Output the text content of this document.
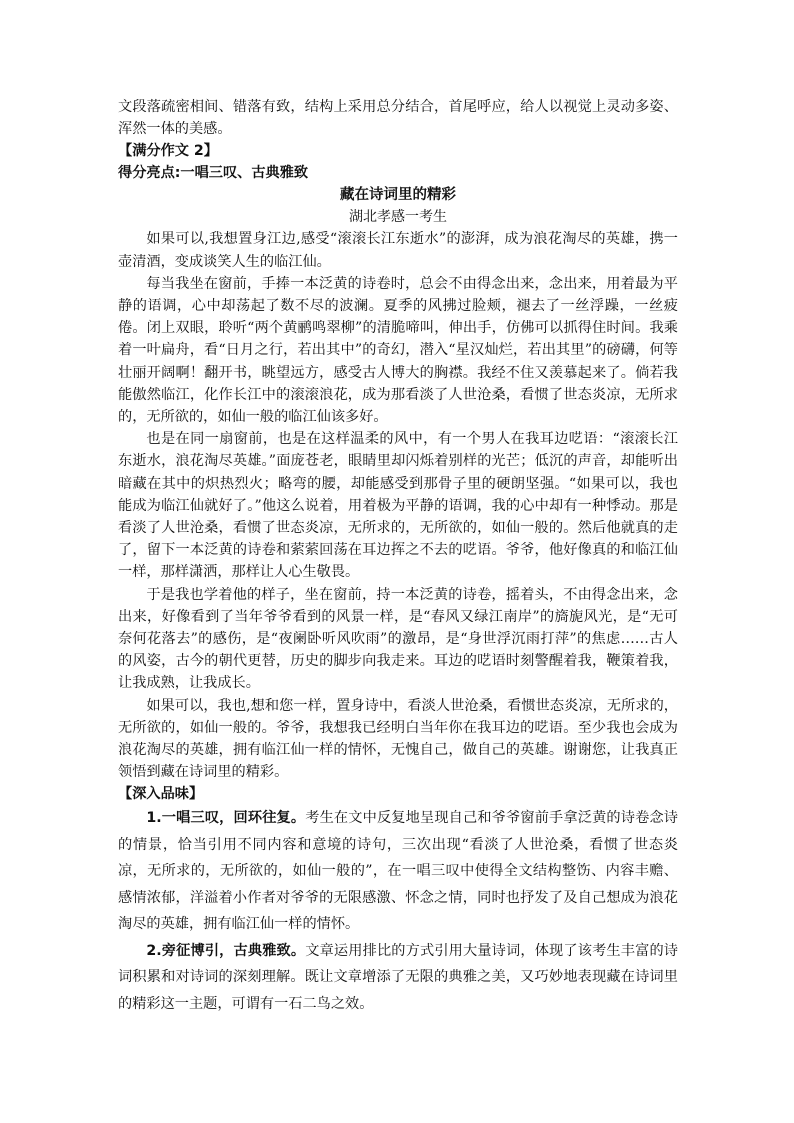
文段落疏密相间、错落有致，结构上采用总分结合，首尾呼应，给人以视觉上灵动多姿、浑然一体的美感。

【满分作文 2】

得分亮点:一唱三叹、古典雅致

藏在诗词里的精彩

湖北孝感一考生

如果可以,我想置身江边,感受“滚滚长江东逝水”的澎湃，成为浪花淘尽的英雄，携一壶清酒，变成谈笑人生的临江仙。

每当我坐在窗前，手捧一本泛黄的诗卷时，总会不由得念出来，念出来，用着最为平静的语调，心中却荡起了数不尽的波澜。夏季的风拂过脸颊，褪去了一丝浮躁，一丝疲倦。闭上双眼，聆听“两个黄鹂鸣翠柳”的清脆啼叫，伸出手，仿佛可以抓得住时间。我乘着一叶扁舟，看“日月之行，若出其中”的奇幻，潜入“星汉灿烂，若出其里”的磅礴，何等壮丽开阔啊！翻开书，眺望远方，感受古人博大的胸襟。我经不住又羡慕起来了。倘若我能傲然临江，化作长江中的滚滚浪花，成为那看淡了人世沧桑，看惯了世态炎凉，无所求的，无所欲的，如仙一般的临江仙该多好。

也是在同一扇窗前，也是在这样温柔的风中，有一个男人在我耳边呓语：“滚滚长江东逝水，浪花淘尽英雄。”面庞苍老，眼睛里却闪烁着别样的光芒；低沉的声音，却能听出暗藏在其中的炽热烈火；略弯的腰，却能感受到那骨子里的硬朗坚强。“如果可以，我也能成为临江仙就好了。”他这么说着，用着极为平静的语调，我的心中却有一种悸动。那是看淡了人世沧桑，看惯了世态炎凉，无所求的，无所欲的，如仙一般的。然后他就真的走了，留下一本泛黄的诗卷和萦萦回荡在耳边挥之不去的呓语。爷爷，他好像真的和临江仙一样，那样潇洒，那样让人心生敬畏。

于是我也学着他的样子，坐在窗前，持一本泛黄的诗卷，摇着头，不由得念出来，念出来，好像看到了当年爷爷看到的风景一样，是“春风又绿江南岸”的旖旎风光，是“无可奈何花落去”的感伤，是“夜阑卧听风吹雨”的激昂，是“身世浮沉雨打萍”的焦虑……古人的风姿，古今的朝代更替，历史的脚步向我走来。耳边的呓语时刻警醒着我，鞭策着我，让我成熟，让我成长。

如果可以，我也,想和您一样，置身诗中，看淡人世沧桑，看惯世态炎凉，无所求的，无所欲的，如仙一般的。爷爷，我想我已经明白当年你在我耳边的呓语。至少我也会成为浪花淘尽的英雄，拥有临江仙一样的情怀，无愧自己，做自己的英雄。谢谢您，让我真正领悟到藏在诗词里的精彩。

【深入品味】

1.一唱三叹，回环往复。考生在文中反复地呈现自己和爷爷窗前手拿泛黄的诗卷念诗的情景，恰当引用不同内容和意境的诗句，三次出现“看淡了人世沧桑，看惯了世态炎凉，无所求的，无所欲的，如仙一般的”，在一唱三叹中使得全文结构整饬、内容丰赡、感情浓郁，洋溢着小作者对爷爷的无限感激、怀念之情，同时也抒发了及自己想成为浪花淘尽的英雄，拥有临江仙一样的情怀。

2.旁征博引，古典雅致。文章运用排比的方式引用大量诗词，体现了该考生丰富的诗词积累和对诗词的深刻理解。既让文章增添了无限的典雅之美，又巧妙地表现藏在诗词里的精彩这一主题，可谓有一石二鸟之效。
